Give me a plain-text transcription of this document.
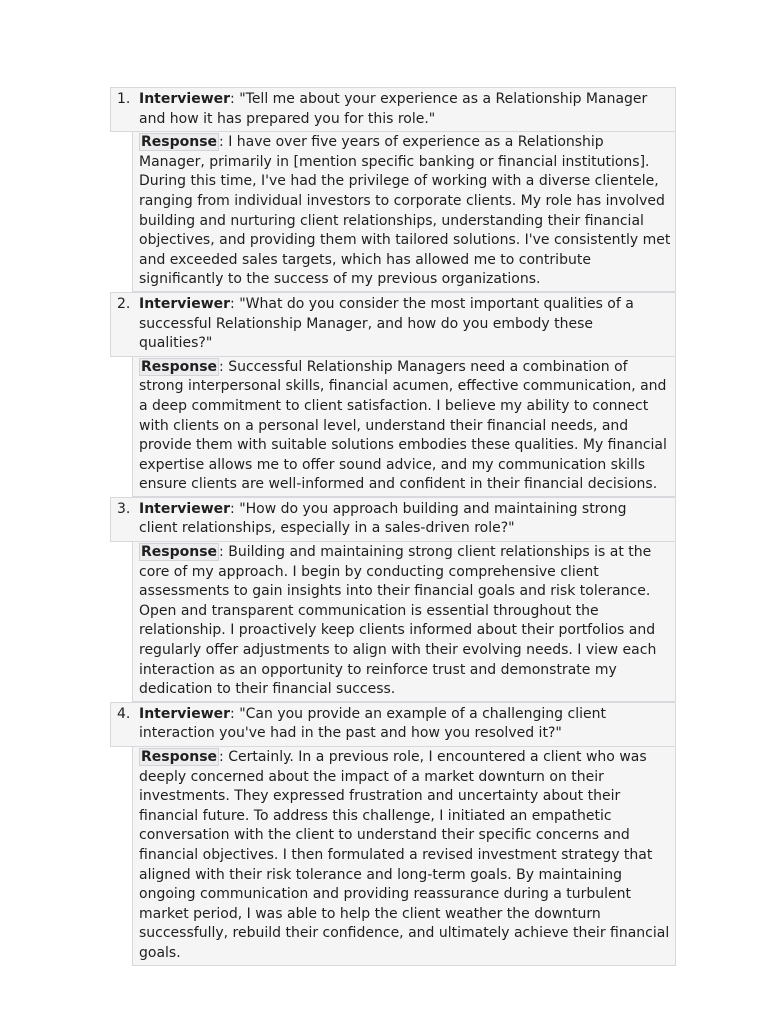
1. Interviewer: "Tell me about your experience as a Relationship Manager and how it has prepared you for this role."
Response : I have over five years of experience as a Relationship Manager, primarily in [mention specific banking or financial institutions]. During this time, I've had the privilege of working with a diverse clientele, ranging from individual investors to corporate clients. My role has involved building and nurturing client relationships, understanding their financial objectives, and providing them with tailored solutions. I've consistently met and exceeded sales targets, which has allowed me to contribute significantly to the success of my previous organizations.
2. Interviewer: "What do you consider the most important qualities of a successful Relationship Manager, and how do you embody these qualities?"
Response : Successful Relationship Managers need a combination of strong interpersonal skills, financial acumen, effective communication, and a deep commitment to client satisfaction. I believe my ability to connect with clients on a personal level, understand their financial needs, and provide them with suitable solutions embodies these qualities. My financial expertise allows me to offer sound advice, and my communication skills ensure clients are well-informed and confident in their financial decisions.
3. Interviewer: "How do you approach building and maintaining strong client relationships, especially in a sales-driven role?"
Response : Building and maintaining strong client relationships is at the core of my approach. I begin by conducting comprehensive client assessments to gain insights into their financial goals and risk tolerance. Open and transparent communication is essential throughout the relationship. I proactively keep clients informed about their portfolios and regularly offer adjustments to align with their evolving needs. I view each interaction as an opportunity to reinforce trust and demonstrate my dedication to their financial success.
4. Interviewer: "Can you provide an example of a challenging client interaction you've had in the past and how you resolved it?"
Response : Certainly. In a previous role, I encountered a client who was deeply concerned about the impact of a market downturn on their investments. They expressed frustration and uncertainty about their financial future. To address this challenge, I initiated an empathetic conversation with the client to understand their specific concerns and financial objectives. I then formulated a revised investment strategy that aligned with their risk tolerance and long-term goals. By maintaining ongoing communication and providing reassurance during a turbulent market period, I was able to help the client weather the downturn successfully, rebuild their confidence, and ultimately achieve their financial goals.
